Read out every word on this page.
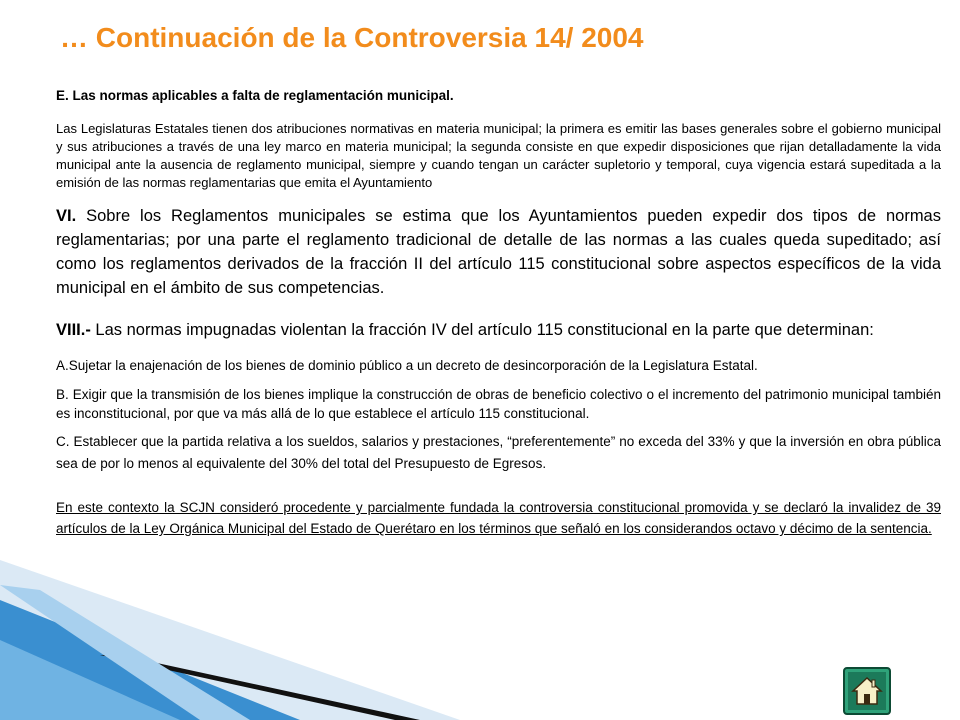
… Continuación de la Controversia 14/ 2004

E. Las normas aplicables a falta de reglamentación municipal.

Las Legislaturas Estatales tienen dos atribuciones normativas en materia municipal; la primera es emitir las bases generales sobre el gobierno municipal y sus atribuciones a través de una ley marco en materia municipal; la segunda consiste en que expedir disposiciones que rijan detalladamente la vida municipal ante la ausencia de reglamento municipal, siempre y cuando tengan un carácter supletorio y temporal, cuya vigencia estará supeditada a la emisión de las normas reglamentarias que emita el Ayuntamiento

VI. Sobre los Reglamentos municipales se estima que los Ayuntamientos pueden expedir dos tipos de normas reglamentarias; por una parte el reglamento tradicional de detalle de las normas a las cuales queda supeditado; así como los reglamentos derivados de la fracción II del artículo 115 constitucional sobre aspectos específicos de la vida municipal en el ámbito de sus competencias.

VIII.- Las normas impugnadas violentan la fracción IV del artículo 115 constitucional en la parte que determinan:

A.Sujetar la enajenación de los bienes de dominio público a un decreto de desincorporación de la Legislatura Estatal.

B. Exigir que la transmisión de los bienes implique la construcción de obras de beneficio colectivo o el incremento del patrimonio municipal también es inconstitucional, por que va más allá de lo que establece el artículo 115 constitucional.

C. Establecer que la partida relativa a los sueldos, salarios y prestaciones, “preferentemente” no exceda del 33% y que la inversión en obra pública sea de por lo menos al equivalente del 30% del total del Presupuesto de Egresos.

En este contexto la SCJN consideró procedente y parcialmente fundada la controversia constitucional promovida y se declaró la invalidez de 39 artículos de la Ley Orgánica Municipal del Estado de Querétaro en los términos que señaló en los considerandos octavo y décimo de la sentencia.
